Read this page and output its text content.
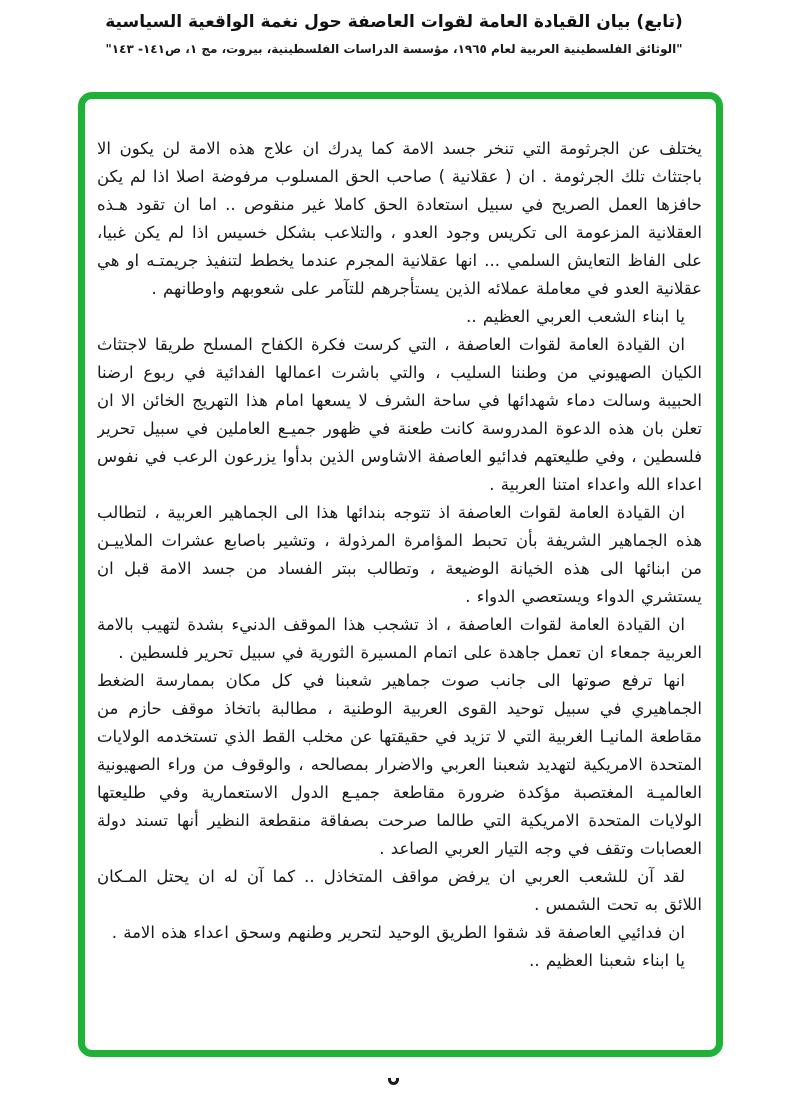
(تابع) بيان القيادة العامة لقوات العاصفة حول نغمة الواقعية السياسية
"الوثائق الفلسطينية العربية لعام ١٩٦٥، مؤسسة الدراسات الفلسطينية، بيروت، مج ١، ص١٤١- ١٤٣"

يختلف عن الجرثومة التي تنخر جسد الامة كما يدرك ان علاج هذه الامة لن يكون الا باجتثاث تلك الجرثومة . ان ( عقلانية ) صاحب الحق المسلوب مرفوضة اصلا اذا لم يكن حافزها العمل الصريح في سبيل استعادة الحق كاملا غير منقوص .. اما ان تقود هـذه العقلانية المزعومة الى تكريس وجود العدو ، والتلاعب بشكل خسيس اذا لم يكن غبيا، على الفاظ التعايش السلمي ... انها عقلانية المجرم عندما يخطط لتنفيذ جريمتـه او هي عقلانية العدو في معاملة عملائه الذين يستأجرهم للتآمر على شعوبهم واوطانهم .

يا ابناء الشعب العربي العظيم ..

ان القيادة العامة لقوات العاصفة ، التي كرست فكرة الكفاح المسلح طريقا لاجتثاث الكيان الصهيوني من وطننا السليب ، والتي باشرت اعمالها الفدائية في ربوع ارضنا الحبيبة وسالت دماء شهدائها في ساحة الشرف لا يسعها امام هذا التهريج الخائن الا ان تعلن بان هذه الدعوة المدروسة كانت طعنة في ظهور جميـع العاملين في سبيل تحرير فلسطين ، وفي طليعتهم فدائيو العاصفة الاشاوس الذين بدأوا يزرعون الرعب في نفوس اعداء الله واعداء امتنا العربية .

ان القيادة العامة لقوات العاصفة اذ تتوجه بندائها هذا الى الجماهير العربية ، لتطالب هذه الجماهير الشريفة بأن تحبط المؤامرة المرذولة ، وتشير باصابع عشرات الملاييـن من ابنائها الى هذه الخيانة الوضيعة ، وتطالب ببتر الفساد من جسد الامة قبل ان يستشري الدواء ويستعصي الدواء .

ان القيادة العامة لقوات العاصفة ، اذ تشجب هذا الموقف الدنيء بشدة لتهيب بالامة العربية جمعاء ان تعمل جاهدة على اتمام المسيرة الثورية في سبيل تحرير فلسطين .

انها ترفع صوتها الى جانب صوت جماهير شعبنا في كل مكان بممارسة الضغط الجماهيري في سبيل توحيد القوى العربية الوطنية ، مطالبة باتخاذ موقف حازم من مقاطعة المانيـا الغربية التي لا تزيد في حقيقتها عن مخلب القط الذي تستخدمه الولايات المتحدة الامريكية لتهديد شعبنا العربي والاضرار بمصالحه ، والوقوف من وراء الصهيونية العالميـة المغتصبة مؤكدة ضرورة مقاطعة جميـع الدول الاستعمارية وفي طليعتها الولايات المتحدة الامريكية التي طالما صرحت بصفاقة منقطعة النظير أنها تسند دولة العصابات وتقف في وجه التيار العربي الصاعد .

لقد آن للشعب العربي ان يرفض مواقف المتخاذل .. كما آن له ان يحتل المـكان اللائق به تحت الشمس .

ان فدائيي العاصفة قد شقوا الطريق الوحيد لتحرير وطنهم وسحق اعداء هذه الامة .

يا ابناء شعبنا العظيم ..
